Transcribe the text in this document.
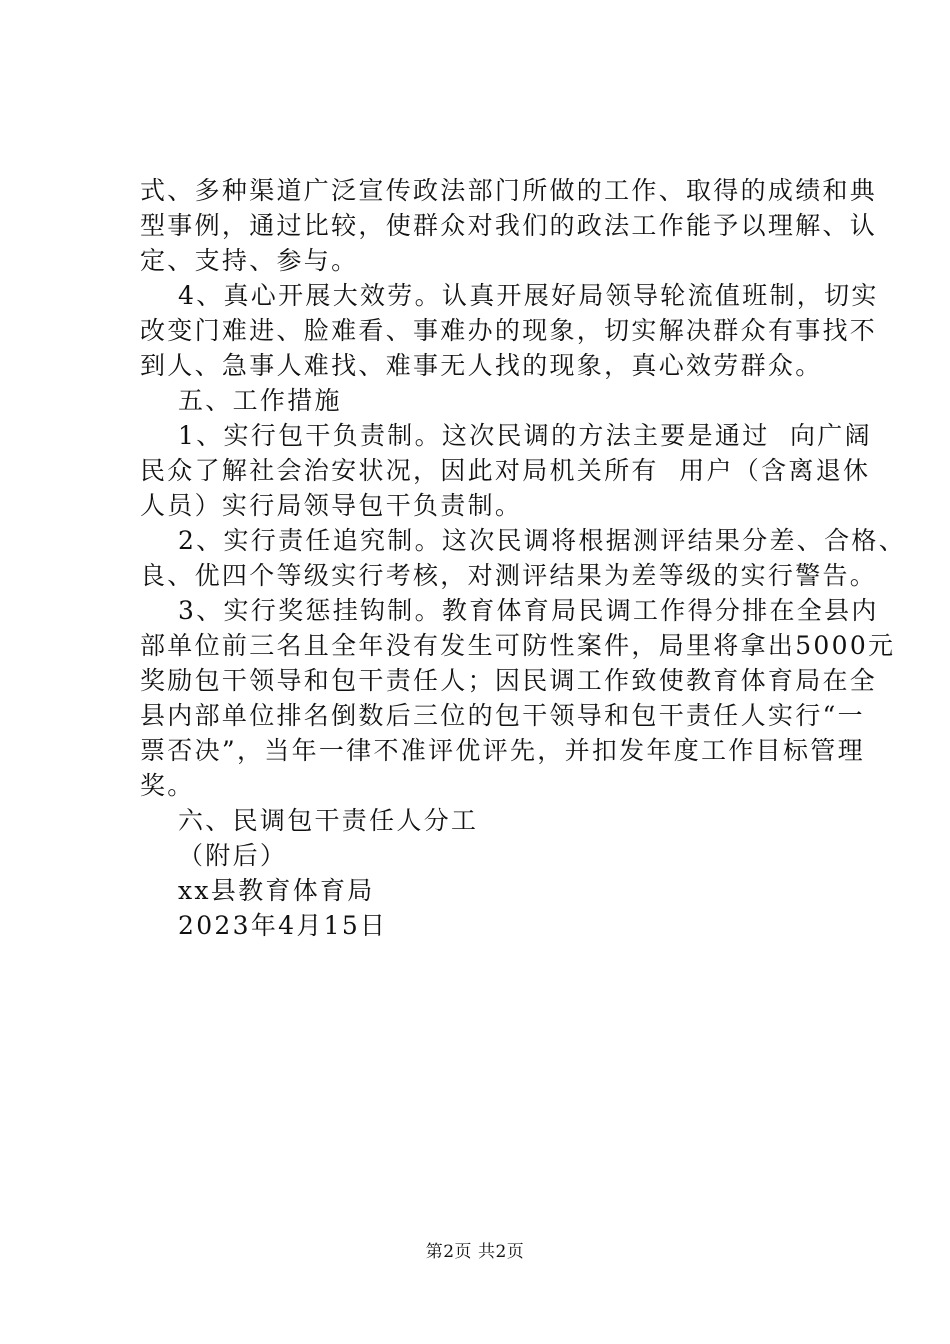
式、多种渠道广泛宣传政法部门所做的工作、取得的成绩和典
型事例，通过比较，使群众对我们的政法工作能予以理解、认
定、支持、参与。
4、真心开展大效劳。认真开展好局领导轮流值班制，切实
改变门难进、脸难看、事难办的现象，切实解决群众有事找不
到人、急事人难找、难事无人找的现象，真心效劳群众。
五、工作措施
1、实行包干负责制。这次民调的方法主要是通过  向广阔
民众了解社会治安状况，因此对局机关所有  用户（含离退休
人员）实行局领导包干负责制。
2、实行责任追究制。这次民调将根据测评结果分差、合格、
良、优四个等级实行考核，对测评结果为差等级的实行警告。
3、实行奖惩挂钩制。教育体育局民调工作得分排在全县内
部单位前三名且全年没有发生可防性案件，局里将拿出5000元
奖励包干领导和包干责任人；因民调工作致使教育体育局在全
县内部单位排名倒数后三位的包干领导和包干责任人实行“一
票否决”，当年一律不准评优评先，并扣发年度工作目标管理
奖。
六、民调包干责任人分工
（附后）
xx县教育体育局
2023年4月15日
第2页 共2页
